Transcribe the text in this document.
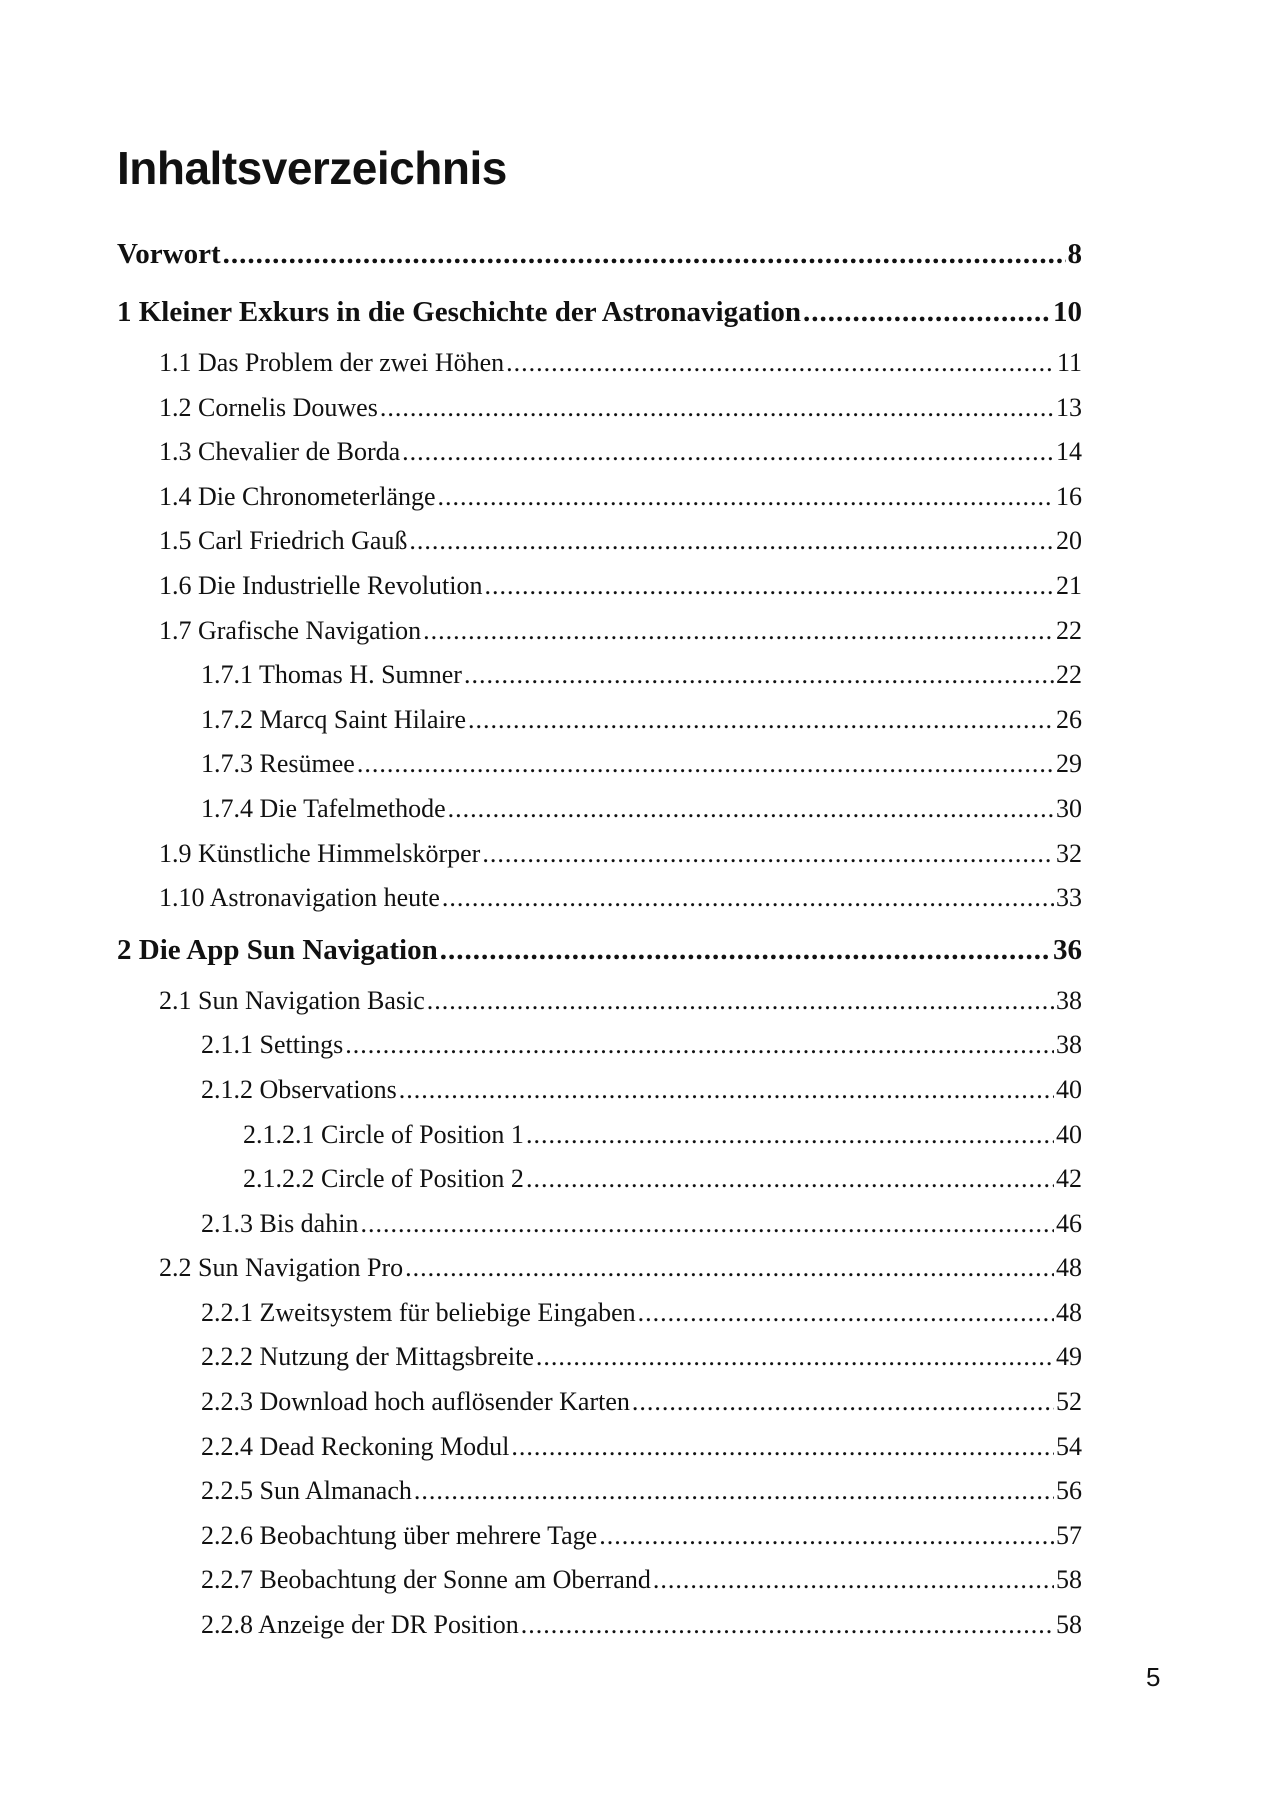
Inhaltsverzeichnis
Vorwort .....	8
1 Kleiner Exkurs in die Geschichte der Astronavigation .....	10
1.1 Das Problem der zwei Höhen .....	11
1.2 Cornelis Douwes .....	13
1.3 Chevalier de Borda .....	14
1.4 Die Chronometerlänge .....	16
1.5 Carl Friedrich Gauß .....	20
1.6 Die Industrielle Revolution .....	21
1.7 Grafische Navigation .....	22
1.7.1 Thomas H. Sumner .....	22
1.7.2 Marcq Saint Hilaire .....	26
1.7.3 Resümee .....	29
1.7.4 Die Tafelmethode .....	30
1.9 Künstliche Himmelskörper .....	32
1.10 Astronavigation heute .....	33
2 Die App Sun Navigation .....	36
2.1 Sun Navigation Basic .....	38
2.1.1 Settings .....	38
2.1.2 Observations .....	40
2.1.2.1 Circle of Position 1 .....	40
2.1.2.2 Circle of Position 2 .....	42
2.1.3 Bis dahin .....	46
2.2 Sun Navigation Pro .....	48
2.2.1 Zweitsystem für beliebige Eingaben .....	48
2.2.2 Nutzung der Mittagsbreite .....	49
2.2.3 Download hoch auflösender Karten .....	52
2.2.4 Dead Reckoning Modul .....	54
2.2.5 Sun Almanach .....	56
2.2.6 Beobachtung über mehrere Tage .....	57
2.2.7 Beobachtung der Sonne am Oberrand .....	58
2.2.8 Anzeige der DR Position .....	58
5
